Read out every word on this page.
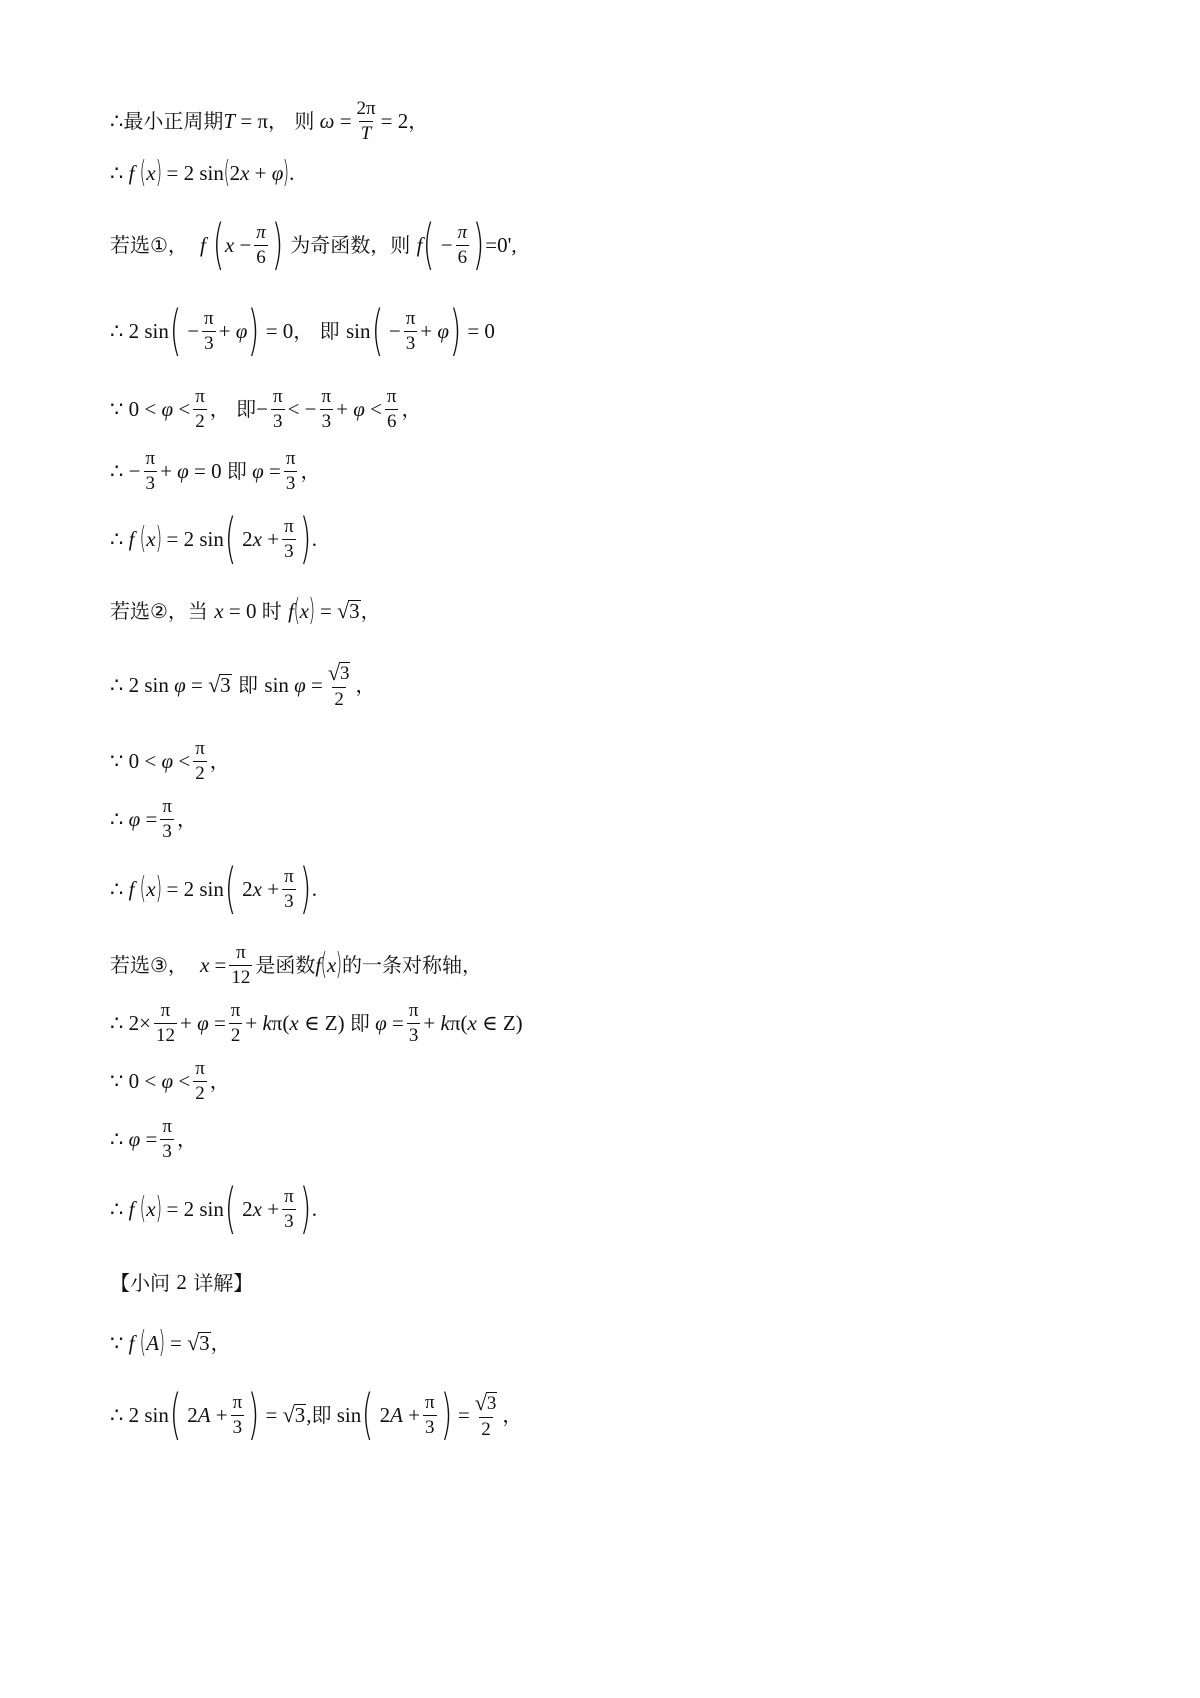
∴ 最小正周期 T = π ， 则
$\omega = \frac{2\pi}{T} = 2$ ，
∴ f ( x ) = 2 sin ( 2 x + φ ) .
若选①， f ( $x - \frac{\pi}{6}$ ) 为奇函数，则 f ( − $\frac{\pi}{6}$ ) =0',
∴ 2 sin ( − $\frac{\pi}{3} + \varphi$ ) = 0 ， 即 sin ( − $\frac{\pi}{3} + \varphi$ ) = 0
∵ $0 < \varphi < \frac{\pi}{2}$ ， 即 − $\frac{\pi}{3}$ < − $\frac{\pi}{3} + \varphi < \frac{\pi}{6}$ ，
∴ − $\frac{\pi}{3} + \varphi = 0$ 即
$\varphi = \frac{\pi}{3}$ ，
∴ f ( x ) = 2 sin ( 2 $x + \frac{\pi}{3}$ ) .
若选②，当 x = 0 时 f ( x ) = √ 3 ，
∴ 2 sin φ = √ 3 即 $\sin \varphi = \frac{√ 3}{2}$ ，
∵ $0 < \varphi < \frac{\pi}{2}$ ，
∴ $\varphi = \frac{\pi}{3}$ ，
∴ f ( x ) = 2 sin ( 2 $x + \frac{\pi}{3}$ ) .
若选③， $x = \frac{\pi}{12}$ 是函数 f ( x ) 的一条对称轴，
∴ $2\times \frac{\pi}{12} + \varphi = \frac{\pi}{2} + k$ π( x ∈ Z) 即
$\varphi = \frac{\pi}{3} + k$ π( x ∈ Z)
∵ $0 < \varphi < \frac{\pi}{2}$ ，
∴ $\varphi = \frac{\pi}{3}$ ，
∴ f ( x ) = 2 sin ( 2 $x + \frac{\pi}{3}$ ) .
【小问 2 详解】
∵ f ( A ) = √ 3 ，
∴ 2 sin ( 2 $A + \frac{\pi}{3}$ ) = √ 3 , 即 sin ( 2 $A + \frac{\pi}{3}$ ) = $\frac{√ 3}{2}$ ，
